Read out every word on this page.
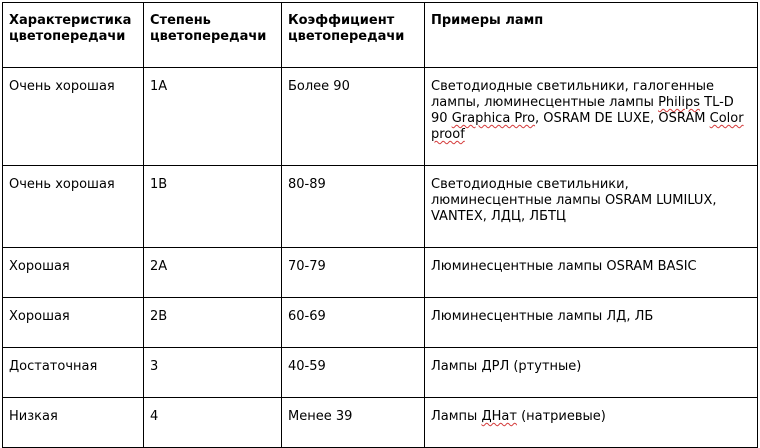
Характеристика цветопередачи	Степень цветопередачи	Коэффициент цветопередачи	Примеры ламп
Очень хорошая	1А	Более 90	Светодиодные светильники, галогенные лампы, люминесцентные лампы Philips TL-D 90 Graphica Pro, OSRAM DE LUXE, OSRAM Color proof
Очень хорошая	1В	80-89	Светодиодные светильники, люминесцентные лампы OSRAM LUMILUX, VANTEX, ЛДЦ, ЛБТЦ
Хорошая	2А	70-79	Люминесцентные лампы OSRAM BASIC
Хорошая	2В	60-69	Люминесцентные лампы ЛД, ЛБ
Достаточная	3	40-59	Лампы ДРЛ (ртутные)
Низкая	4	Менее 39	Лампы ДНат (натриевые)
